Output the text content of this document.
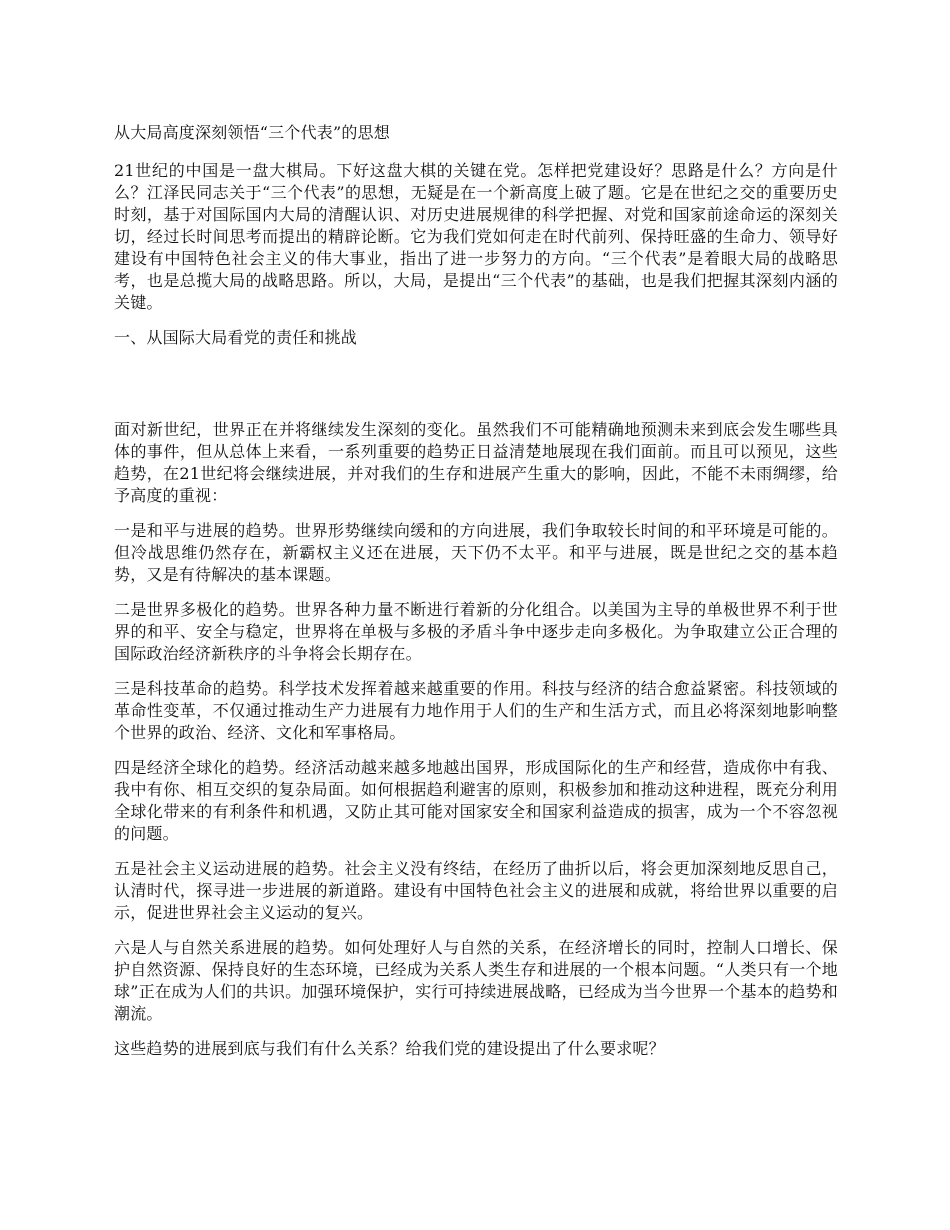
从大局高度深刻领悟“三个代表”的思想

21世纪的中国是一盘大棋局。下好这盘大棋的关键在党。怎样把党建设好？思路是什么？方向是什么？江泽民同志关于“三个代表”的思想，无疑是在一个新高度上破了题。它是在世纪之交的重要历史时刻，基于对国际国内大局的清醒认识、对历史进展规律的科学把握、对党和国家前途命运的深刻关切，经过长时间思考而提出的精辟论断。它为我们党如何走在时代前列、保持旺盛的生命力、领导好建设有中国特色社会主义的伟大事业，指出了进一步努力的方向。“三个代表”是着眼大局的战略思考，也是总揽大局的战略思路。所以，大局，是提出“三个代表”的基础，也是我们把握其深刻内涵的关键。

一、从国际大局看党的责任和挑战

面对新世纪，世界正在并将继续发生深刻的变化。虽然我们不可能精确地预测未来到底会发生哪些具体的事件，但从总体上来看，一系列重要的趋势正日益清楚地展现在我们面前。而且可以预见，这些趋势，在21世纪将会继续进展，并对我们的生存和进展产生重大的影响，因此，不能不未雨绸缪，给予高度的重视：

一是和平与进展的趋势。世界形势继续向缓和的方向进展，我们争取较长时间的和平环境是可能的。但冷战思维仍然存在，新霸权主义还在进展，天下仍不太平。和平与进展，既是世纪之交的基本趋势，又是有待解决的基本课题。

二是世界多极化的趋势。世界各种力量不断进行着新的分化组合。以美国为主导的单极世界不利于世界的和平、安全与稳定，世界将在单极与多极的矛盾斗争中逐步走向多极化。为争取建立公正合理的国际政治经济新秩序的斗争将会长期存在。

三是科技革命的趋势。科学技术发挥着越来越重要的作用。科技与经济的结合愈益紧密。科技领域的革命性变革，不仅通过推动生产力进展有力地作用于人们的生产和生活方式，而且必将深刻地影响整个世界的政治、经济、文化和军事格局。

四是经济全球化的趋势。经济活动越来越多地越出国界，形成国际化的生产和经营，造成你中有我、我中有你、相互交织的复杂局面。如何根据趋利避害的原则，积极参加和推动这种进程，既充分利用全球化带来的有利条件和机遇，又防止其可能对国家安全和国家利益造成的损害，成为一个不容忽视的问题。

五是社会主义运动进展的趋势。社会主义没有终结，在经历了曲折以后，将会更加深刻地反思自己，认清时代，探寻进一步进展的新道路。建设有中国特色社会主义的进展和成就，将给世界以重要的启示，促进世界社会主义运动的复兴。

六是人与自然关系进展的趋势。如何处理好人与自然的关系，在经济增长的同时，控制人口增长、保护自然资源、保持良好的生态环境，已经成为关系人类生存和进展的一个根本问题。“人类只有一个地球”正在成为人们的共识。加强环境保护，实行可持续进展战略，已经成为当今世界一个基本的趋势和潮流。

这些趋势的进展到底与我们有什么关系？给我们党的建设提出了什么要求呢？
